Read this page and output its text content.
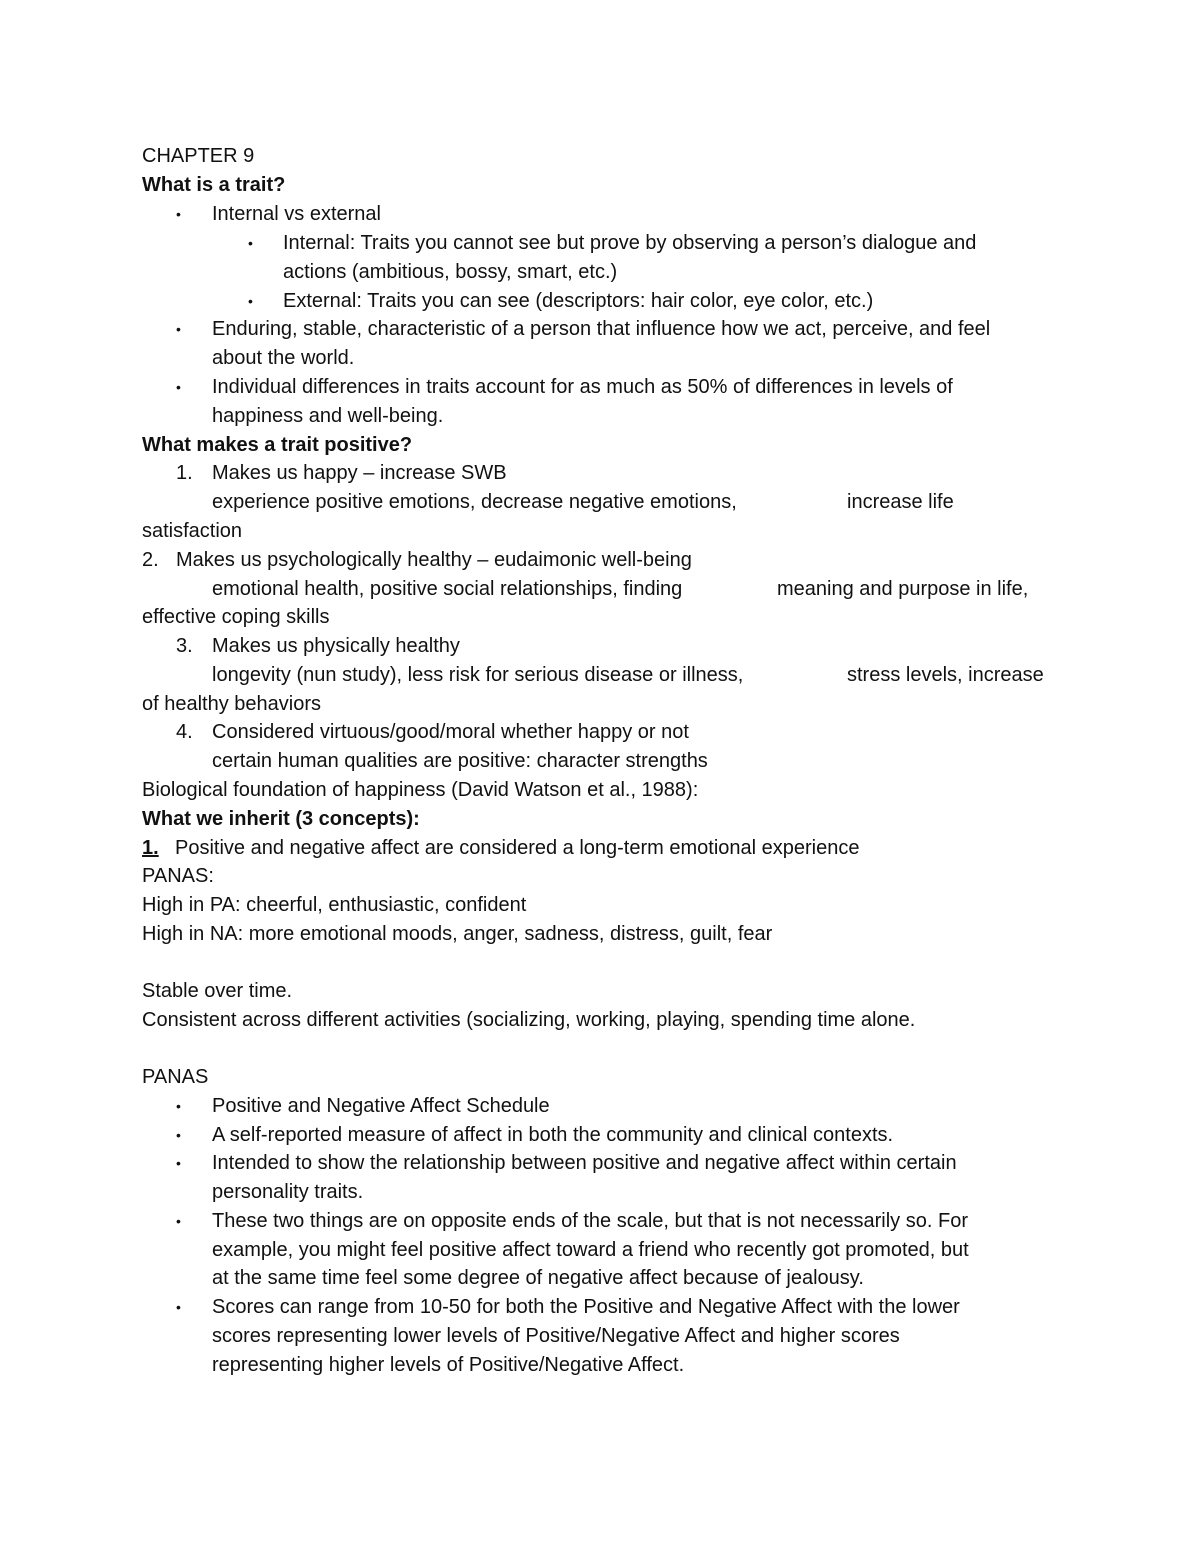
CHAPTER 9
What is a trait?
• Internal vs external
• Internal: Traits you cannot see but prove by observing a person’s dialogue and
actions (ambitious, bossy, smart, etc.)
• External: Traits you can see (descriptors: hair color, eye color, etc.)
• Enduring, stable, characteristic of a person that influence how we act, perceive, and feel
about the world.
• Individual differences in traits account for as much as 50% of differences in levels of
happiness and well-being.
What makes a trait positive?
1. Makes us happy – increase SWB
experience positive emotions, decrease negative emotions,	increase life
satisfaction
2. Makes us psychologically healthy – eudaimonic well-being
emotional health, positive social relationships, finding	meaning and purpose in life,
effective coping skills
3. Makes us physically healthy
longevity (nun study), less risk for serious disease or illness,	stress levels, increase
of healthy behaviors
4. Considered virtuous/good/moral whether happy or not
certain human qualities are positive: character strengths
Biological foundation of happiness (David Watson et al., 1988):
What we inherit (3 concepts):
1. Positive and negative affect are considered a long-term emotional experience
PANAS:
High in PA: cheerful, enthusiastic, confident
High in NA: more emotional moods, anger, sadness, distress, guilt, fear
Stable over time.
Consistent across different activities (socializing, working, playing, spending time alone.
PANAS
• Positive and Negative Affect Schedule
• A self-reported measure of affect in both the community and clinical contexts.
• Intended to show the relationship between positive and negative affect within certain
personality traits.
• These two things are on opposite ends of the scale, but that is not necessarily so. For
example, you might feel positive affect toward a friend who recently got promoted, but
at the same time feel some degree of negative affect because of jealousy.
• Scores can range from 10-50 for both the Positive and Negative Affect with the lower
scores representing lower levels of Positive/Negative Affect and higher scores
representing higher levels of Positive/Negative Affect.
